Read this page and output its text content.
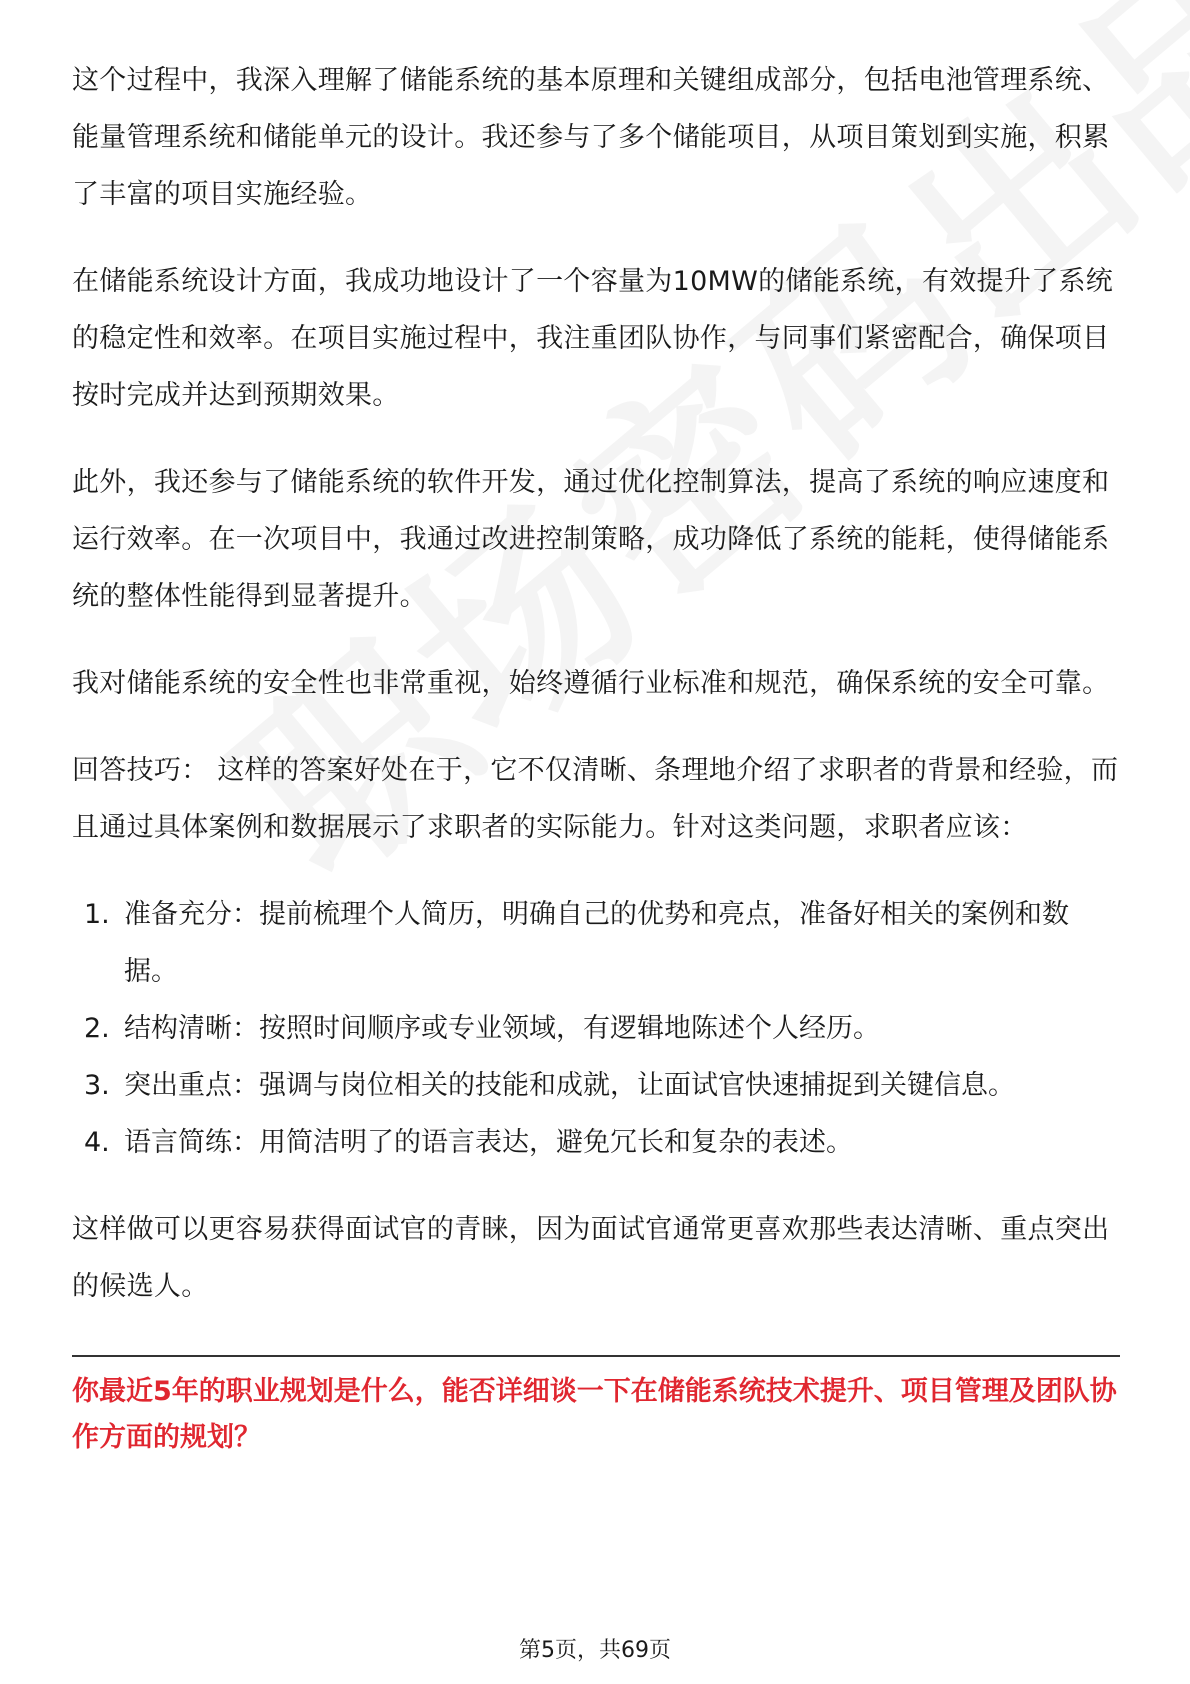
这个过程中，我深入理解了储能系统的基本原理和关键组成部分，包括电池管理系统、能量管理系统和储能单元的设计。我还参与了多个储能项目，从项目策划到实施，积累了丰富的项目实施经验。

在储能系统设计方面，我成功地设计了一个容量为10MW的储能系统，有效提升了系统的稳定性和效率。在项目实施过程中，我注重团队协作，与同事们紧密配合，确保项目按时完成并达到预期效果。

此外，我还参与了储能系统的软件开发，通过优化控制算法，提高了系统的响应速度和运行效率。在一次项目中，我通过改进控制策略，成功降低了系统的能耗，使得储能系统的整体性能得到显著提升。

我对储能系统的安全性也非常重视，始终遵循行业标准和规范，确保系统的安全可靠。

回答技巧： 这样的答案好处在于，它不仅清晰、条理地介绍了求职者的背景和经验，而且通过具体案例和数据展示了求职者的实际能力。针对这类问题，求职者应该：

1. 准备充分：提前梳理个人简历，明确自己的优势和亮点，准备好相关的案例和数据。
2. 结构清晰：按照时间顺序或专业领域，有逻辑地陈述个人经历。
3. 突出重点：强调与岗位相关的技能和成就，让面试官快速捕捉到关键信息。
4. 语言简练：用简洁明了的语言表达，避免冗长和复杂的表述。

这样做可以更容易获得面试官的青睐，因为面试官通常更喜欢那些表达清晰、重点突出的候选人。

你最近5年的职业规划是什么，能否详细谈一下在储能系统技术提升、项目管理及团队协作方面的规划？

第5页，共69页
